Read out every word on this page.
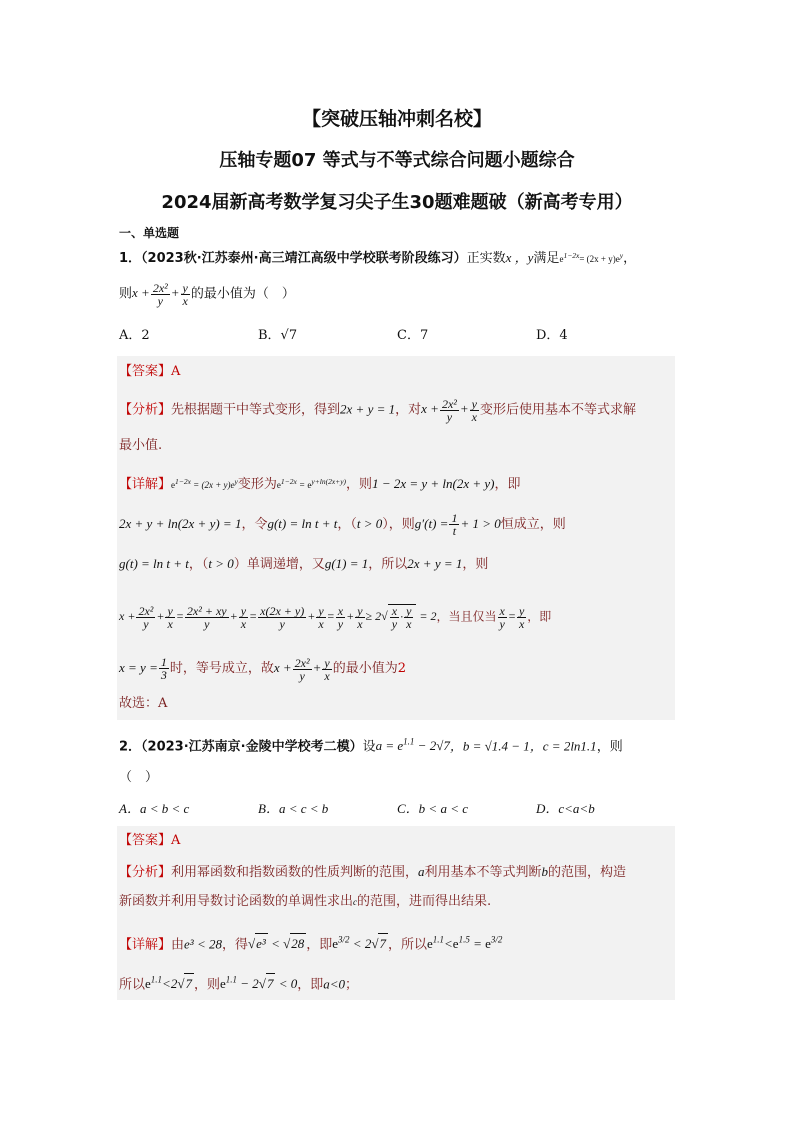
【突破压轴冲刺名校】
压轴专题07 等式与不等式综合问题小题综合
2024届新高考数学复习尖子生30题难题破（新高考专用）
一、单选题
1．（2023秋·江苏泰州·高三靖江高级中学校联考阶段练习）正实数x ，y满足$e^{1-2x}= (2x + y)e^y$，
则$x + \frac{\text{2x²}}{y} + \frac{y}{x}$ 的最小值为（　）
A．2	B．√7	C．7	D．4
【答案】A
【分析】先根据题干中等式变形，得到2x + y = 1，对$x + \frac{\text{2x²}}{y} + \frac{y}{x}$ 变形后使用基本不等式求解
最小值.
【详解】$e^{1-2x} = (2x + y)e^y$变形为$e^{1-2x} = e^{y+ln(2x+y)}$，则1 − 2x = y + ln(2x + y)，即
2x + y + ln(2x + y) = 1，令g(t) = ln t + t，（t > 0），则$g'(t) = \frac{1}{t} + 1 > 0$恒成立，则
g(t) = ln t + t，（t > 0）单调递增，又g(1) = 1，所以2x + y = 1，则
$x + \frac{\text{2x²}}{y} + \frac{y}{x} = \frac{\text{2x² + xy}}{y} + \frac{y}{x} = \frac{x(2x + y)}{y} + \frac{y}{x} = \frac{x}{y} + \frac{y}{x} \ge 2√ \frac{x}{y} \cdot \frac{y}{x} = 2$，当且仅当 $\frac{x}{y} = \frac{y}{x}$ ，即
$x = y = \frac{1}{3}$ 时，等号成立，故$x + \frac{\text{2x²}}{y} + \frac{y}{x}$ 的最小值为2
故选：A
2．（2023·江苏南京·金陵中学校考二模）设$a = e^{1.1} - 2√7$，b = √1.4 − 1，c = 2ln1.1，则
（　）
A．a < b < c	B．a < c < b	C．b < a < c	D．c<a<b
【答案】A
【分析】利用幂函数和指数函数的性质判断的范围，a利用基本不等式判断b的范围，构造
新函数并利用导数讨论函数的单调性求出c的范围，进而得出结果.
【详解】由e³ < 28，得√e³ < √28 ，即$e^{3/2} < 2√7$ ，所以$e^{1.1}<e^{1.5} = e^{3/2}$
所以$e^{1.1}<2√7$ ，则$e^{1.1} - 2√7 < 0$，即a<0；
